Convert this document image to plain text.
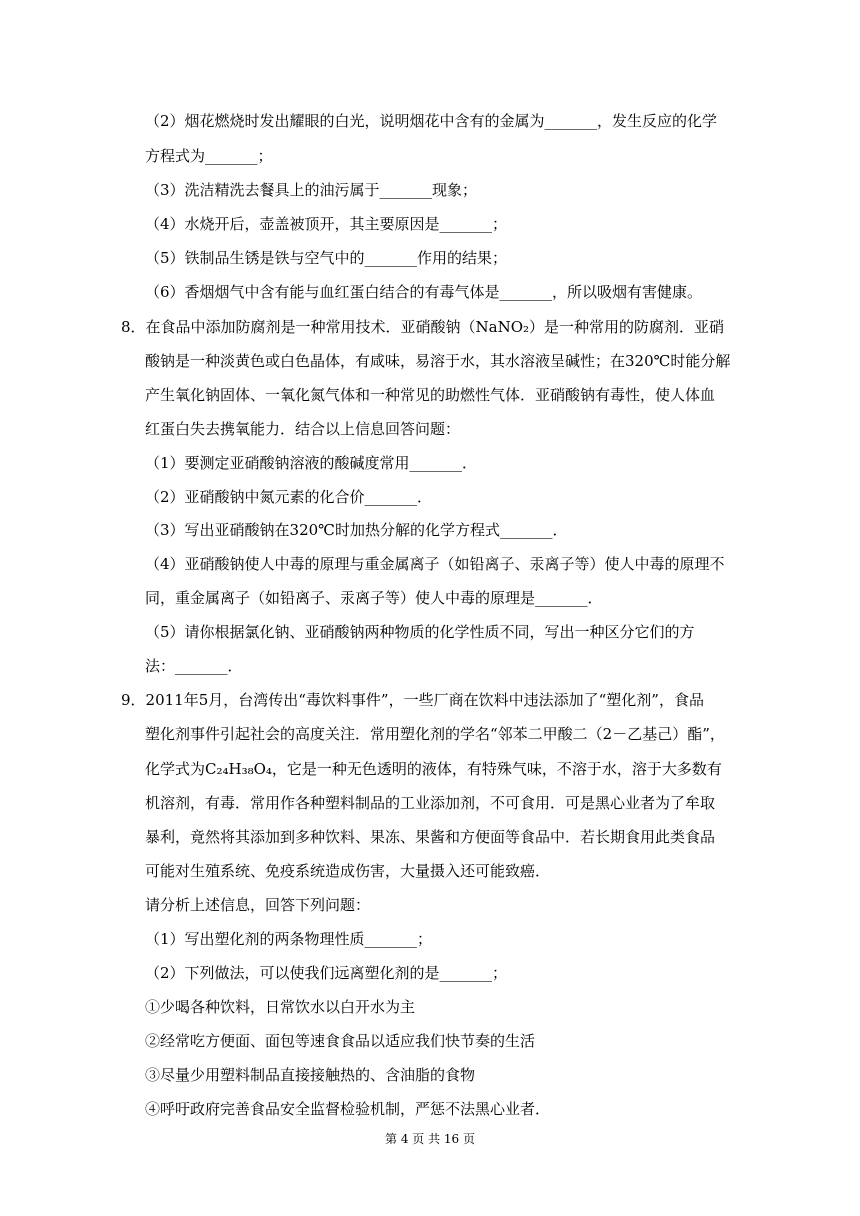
（2）烟花燃烧时发出耀眼的白光，说明烟花中含有的金属为_______，发生反应的化学
方程式为_______；
（3）洗洁精洗去餐具上的油污属于_______现象；
（4）水烧开后，壶盖被顶开，其主要原因是_______；
（5）铁制品生锈是铁与空气中的_______作用的结果；
（6）香烟烟气中含有能与血红蛋白结合的有毒气体是_______，所以吸烟有害健康。
8．在食品中添加防腐剂是一种常用技术．亚硝酸钠（NaNO₂）是一种常用的防腐剂．亚硝
酸钠是一种淡黄色或白色晶体，有咸味，易溶于水，其水溶液呈碱性；在320℃时能分解
产生氧化钠固体、一氧化氮气体和一种常见的助燃性气体．亚硝酸钠有毒性，使人体血
红蛋白失去携氧能力．结合以上信息回答问题：
（1）要测定亚硝酸钠溶液的酸碱度常用_______．
（2）亚硝酸钠中氮元素的化合价_______．
（3）写出亚硝酸钠在320℃时加热分解的化学方程式_______．
（4）亚硝酸钠使人中毒的原理与重金属离子（如铅离子、汞离子等）使人中毒的原理不
同，重金属离子（如铅离子、汞离子等）使人中毒的原理是_______．
（5）请你根据氯化钠、亚硝酸钠两种物质的化学性质不同，写出一种区分它们的方
法：_______．
9．2011年5月，台湾传出“毒饮料事件”，一些厂商在饮料中违法添加了“塑化剂”，食品
塑化剂事件引起社会的高度关注．常用塑化剂的学名“邻苯二甲酸二（2－乙基己）酯”，
化学式为C₂₄H₃₈O₄，它是一种无色透明的液体，有特殊气味，不溶于水，溶于大多数有
机溶剂，有毒．常用作各种塑料制品的工业添加剂，不可食用．可是黑心业者为了牟取
暴利，竟然将其添加到多种饮料、果冻、果酱和方便面等食品中．若长期食用此类食品
可能对生殖系统、免疫系统造成伤害，大量摄入还可能致癌．
请分析上述信息，回答下列问题：
（1）写出塑化剂的两条物理性质_______；
（2）下列做法，可以使我们远离塑化剂的是_______；
①少喝各种饮料，日常饮水以白开水为主
②经常吃方便面、面包等速食食品以适应我们快节奏的生活
③尽量少用塑料制品直接接触热的、含油脂的食物
④呼吁政府完善食品安全监督检验机制，严惩不法黑心业者．
第 4 页 共 16 页
